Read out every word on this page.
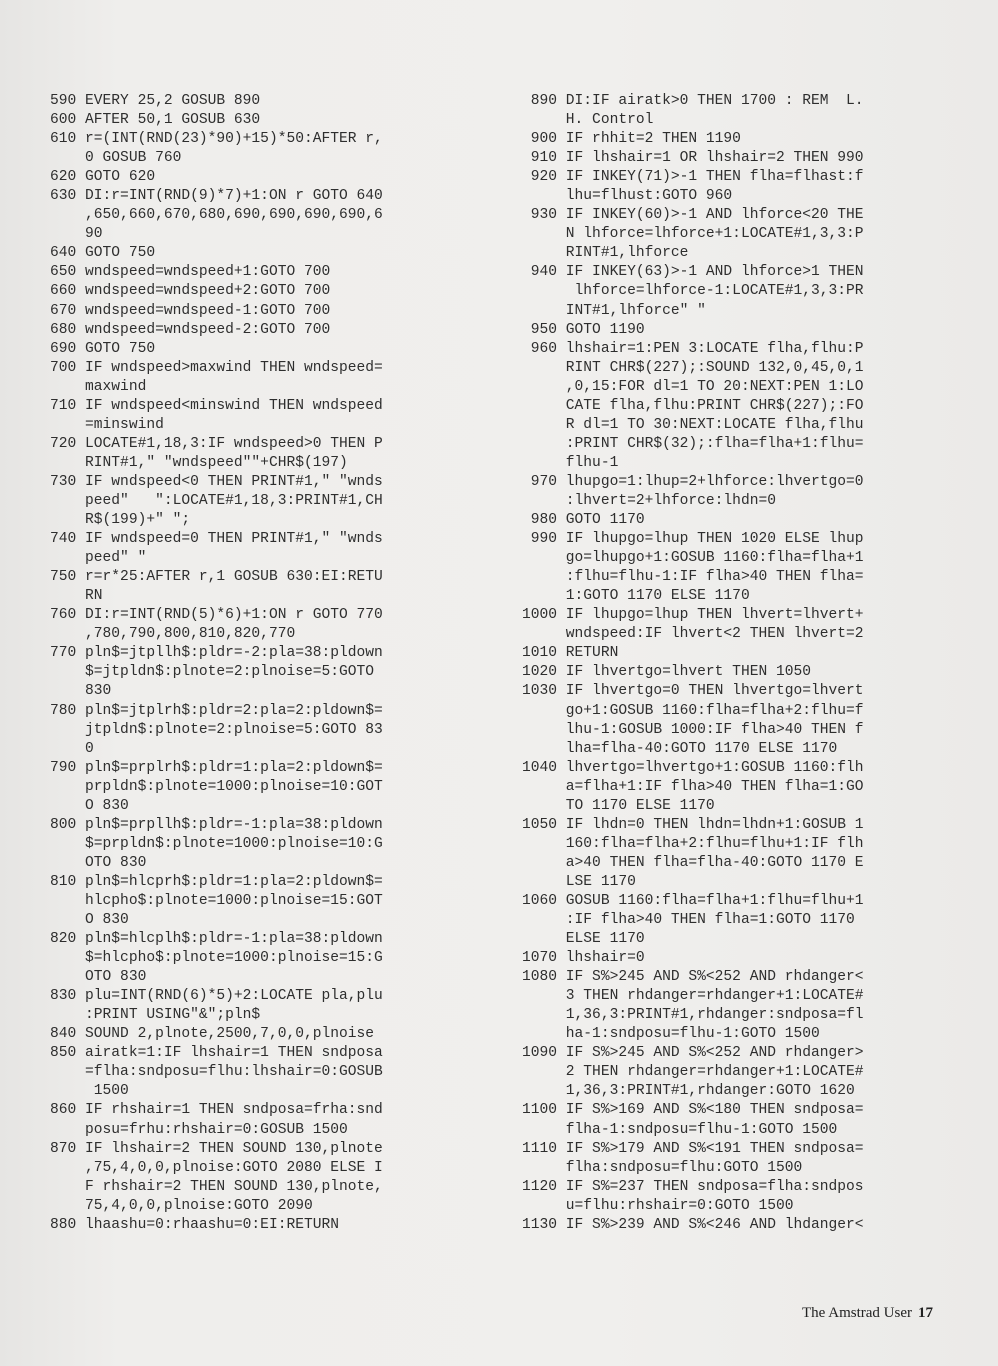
590 EVERY 25,2 GOSUB 890
600 AFTER 50,1 GOSUB 630
610 r=(INT(RND(23)*90)+15)*50:AFTER r,
0 GOSUB 760
620 GOTO 620
630 DI:r=INT(RND(9)*7)+1:ON r GOTO 640
,650,660,670,680,690,690,690,690,6
90
640 GOTO 750
650 wndspeed=wndspeed+1:GOTO 700
660 wndspeed=wndspeed+2:GOTO 700
670 wndspeed=wndspeed-1:GOTO 700
680 wndspeed=wndspeed-2:GOTO 700
690 GOTO 750
700 IF wndspeed>maxwind THEN wndspeed=
maxwind
710 IF wndspeed<minswind THEN wndspeed
=minswind
720 LOCATE#1,18,3:IF wndspeed>0 THEN P
RINT#1," "wndspeed""+CHR$(197)
730 IF wndspeed<0 THEN PRINT#1," "wnds
peed"   ":LOCATE#1,18,3:PRINT#1,CH
R$(199)+" ";
740 IF wndspeed=0 THEN PRINT#1," "wnds
peed" "
750 r=r*25:AFTER r,1 GOSUB 630:EI:RETU
RN
760 DI:r=INT(RND(5)*6)+1:ON r GOTO 770
,780,790,800,810,820,770
770 pln$=jtpllh$:pldr=-2:pla=38:pldown
$=jtpldn$:plnote=2:plnoise=5:GOTO
830
780 pln$=jtplrh$:pldr=2:pla=2:pldown$=
jtpldn$:plnote=2:plnoise=5:GOTO 83
0
790 pln$=prplrh$:pldr=1:pla=2:pldown$=
prpldn$:plnote=1000:plnoise=10:GOT
O 830
800 pln$=prpllh$:pldr=-1:pla=38:pldown
$=prpldn$:plnote=1000:plnoise=10:G
OTO 830
810 pln$=hlcprh$:pldr=1:pla=2:pldown$=
hlcpho$:plnote=1000:plnoise=15:GOT
O 830
820 pln$=hlcplh$:pldr=-1:pla=38:pldown
$=hlcpho$:plnote=1000:plnoise=15:G
OTO 830
830 plu=INT(RND(6)*5)+2:LOCATE pla,plu
:PRINT USING"&";pln$
840 SOUND 2,plnote,2500,7,0,0,plnoise
850 airatk=1:IF lhshair=1 THEN sndposa
=flha:sndposu=flhu:lhshair=0:GOSUB
1500
860 IF rhshair=1 THEN sndposa=frha:snd
posu=frhu:rhshair=0:GOSUB 1500
870 IF lhshair=2 THEN SOUND 130,plnote
,75,4,0,0,plnoise:GOTO 2080 ELSE I
F rhshair=2 THEN SOUND 130,plnote,
75,4,0,0,plnoise:GOTO 2090
880 lhaashu=0:rhaashu=0:EI:RETURN
890 DI:IF airatk>0 THEN 1700 : REM  L.
H. Control
900 IF rhhit=2 THEN 1190
910 IF lhshair=1 OR lhshair=2 THEN 990
920 IF INKEY(71)>-1 THEN flha=flhast:f
lhu=flhust:GOTO 960
930 IF INKEY(60)>-1 AND lhforce<20 THE
N lhforce=lhforce+1:LOCATE#1,3,3:P
RINT#1,lhforce
940 IF INKEY(63)>-1 AND lhforce>1 THEN
lhforce=lhforce-1:LOCATE#1,3,3:PR
INT#1,lhforce" "
950 GOTO 1190
960 lhshair=1:PEN 3:LOCATE flha,flhu:P
RINT CHR$(227);:SOUND 132,0,45,0,1
,0,15:FOR dl=1 TO 20:NEXT:PEN 1:LO
CATE flha,flhu:PRINT CHR$(227);:FO
R dl=1 TO 30:NEXT:LOCATE flha,flhu
:PRINT CHR$(32);:flha=flha+1:flhu=
flhu-1
970 lhupgo=1:lhup=2+lhforce:lhvertgo=0
:lhvert=2+lhforce:lhdn=0
980 GOTO 1170
990 IF lhupgo=lhup THEN 1020 ELSE lhup
go=lhupgo+1:GOSUB 1160:flha=flha+1
:flhu=flhu-1:IF flha>40 THEN flha=
1:GOTO 1170 ELSE 1170
1000 IF lhupgo=lhup THEN lhvert=lhvert+
wndspeed:IF lhvert<2 THEN lhvert=2
1010 RETURN
1020 IF lhvertgo=lhvert THEN 1050
1030 IF lhvertgo=0 THEN lhvertgo=lhvert
go+1:GOSUB 1160:flha=flha+2:flhu=f
lhu-1:GOSUB 1000:IF flha>40 THEN f
lha=flha-40:GOTO 1170 ELSE 1170
1040 lhvertgo=lhvertgo+1:GOSUB 1160:flh
a=flha+1:IF flha>40 THEN flha=1:GO
TO 1170 ELSE 1170
1050 IF lhdn=0 THEN lhdn=lhdn+1:GOSUB 1
160:flha=flha+2:flhu=flhu+1:IF flh
a>40 THEN flha=flha-40:GOTO 1170 E
LSE 1170
1060 GOSUB 1160:flha=flha+1:flhu=flhu+1
:IF flha>40 THEN flha=1:GOTO 1170
ELSE 1170
1070 lhshair=0
1080 IF S%>245 AND S%<252 AND rhdanger<
3 THEN rhdanger=rhdanger+1:LOCATE#
1,36,3:PRINT#1,rhdanger:sndposa=fl
ha-1:sndposu=flhu-1:GOTO 1500
1090 IF S%>245 AND S%<252 AND rhdanger>
2 THEN rhdanger=rhdanger+1:LOCATE#
1,36,3:PRINT#1,rhdanger:GOTO 1620
1100 IF S%>169 AND S%<180 THEN sndposa=
flha-1:sndposu=flhu-1:GOTO 1500
1110 IF S%>179 AND S%<191 THEN sndposa=
flha:sndposu=flhu:GOTO 1500
1120 IF S%=237 THEN sndposa=flha:sndpos
u=flhu:rhshair=0:GOTO 1500
1130 IF S%>239 AND S%<246 AND lhdanger<
The Amstrad User 17
